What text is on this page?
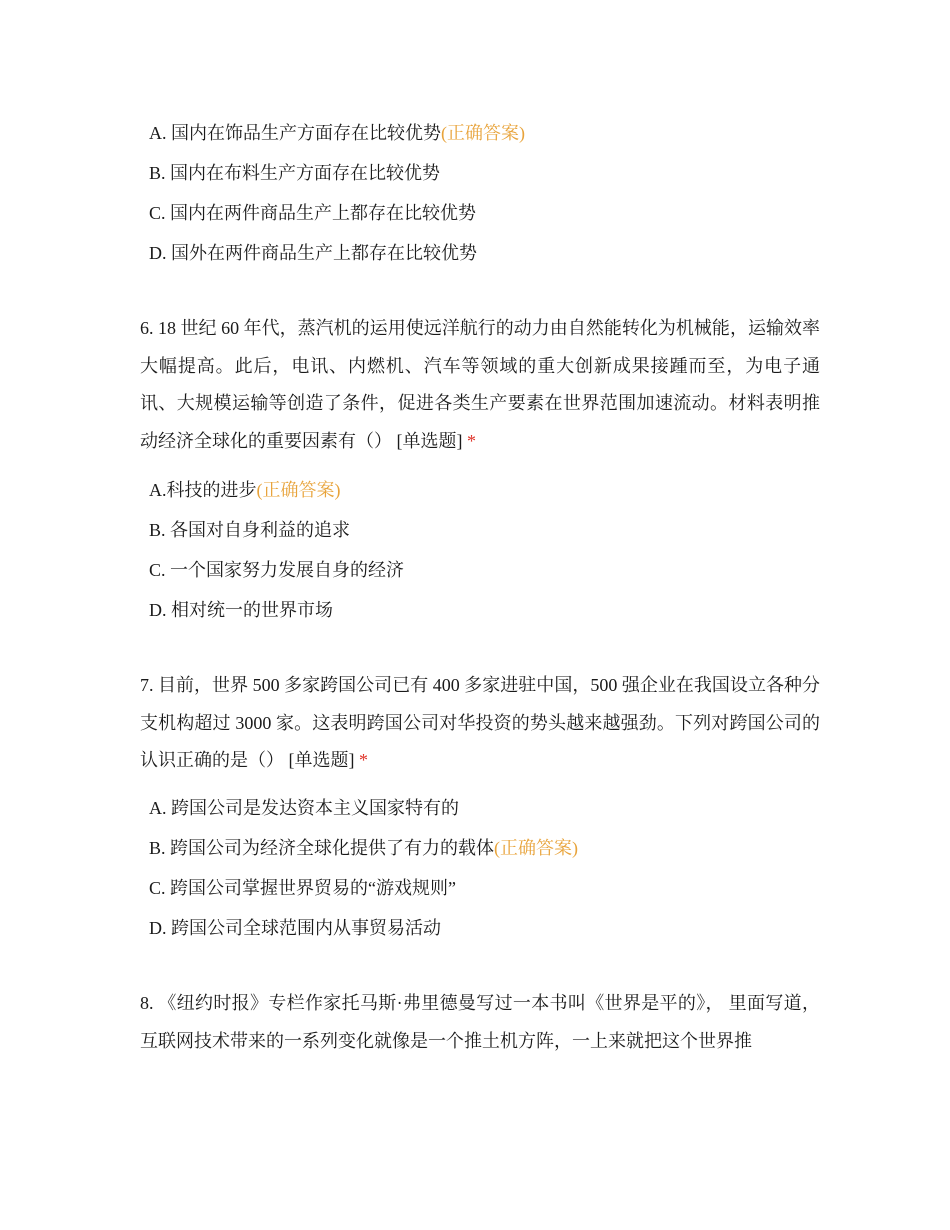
A. 国内在饰品生产方面存在比较优势(正确答案)
B. 国内在布料生产方面存在比较优势
C. 国内在两件商品生产上都存在比较优势
D. 国外在两件商品生产上都存在比较优势

6. 18 世纪 60 年代，蒸汽机的运用使远洋航行的动力由自然能转化为机械能，运输效率大幅提高。此后，电讯、内燃机、汽车等领域的重大创新成果接踵而至，为电子通讯、大规模运输等创造了条件，促进各类生产要素在世界范围加速流动。材料表明推动经济全球化的重要因素有（） [单选题] *

A.科技的进步(正确答案)
B. 各国对自身利益的追求
C. 一个国家努力发展自身的经济
D. 相对统一的世界市场

7. 目前，世界 500 多家跨国公司已有 400 多家进驻中国，500 强企业在我国设立各种分支机构超过 3000 家。这表明跨国公司对华投资的势头越来越强劲。下列对跨国公司的认识正确的是（） [单选题] *

A. 跨国公司是发达资本主义国家特有的
B. 跨国公司为经济全球化提供了有力的载体(正确答案)
C. 跨国公司掌握世界贸易的“游戏规则”
D. 跨国公司全球范围内从事贸易活动

8. 《纽约时报》专栏作家托马斯·弗里德曼写过一本书叫《世界是平的》， 里面写道，互联网技术带来的一系列变化就像是一个推土机方阵，一上来就把这个世界推
